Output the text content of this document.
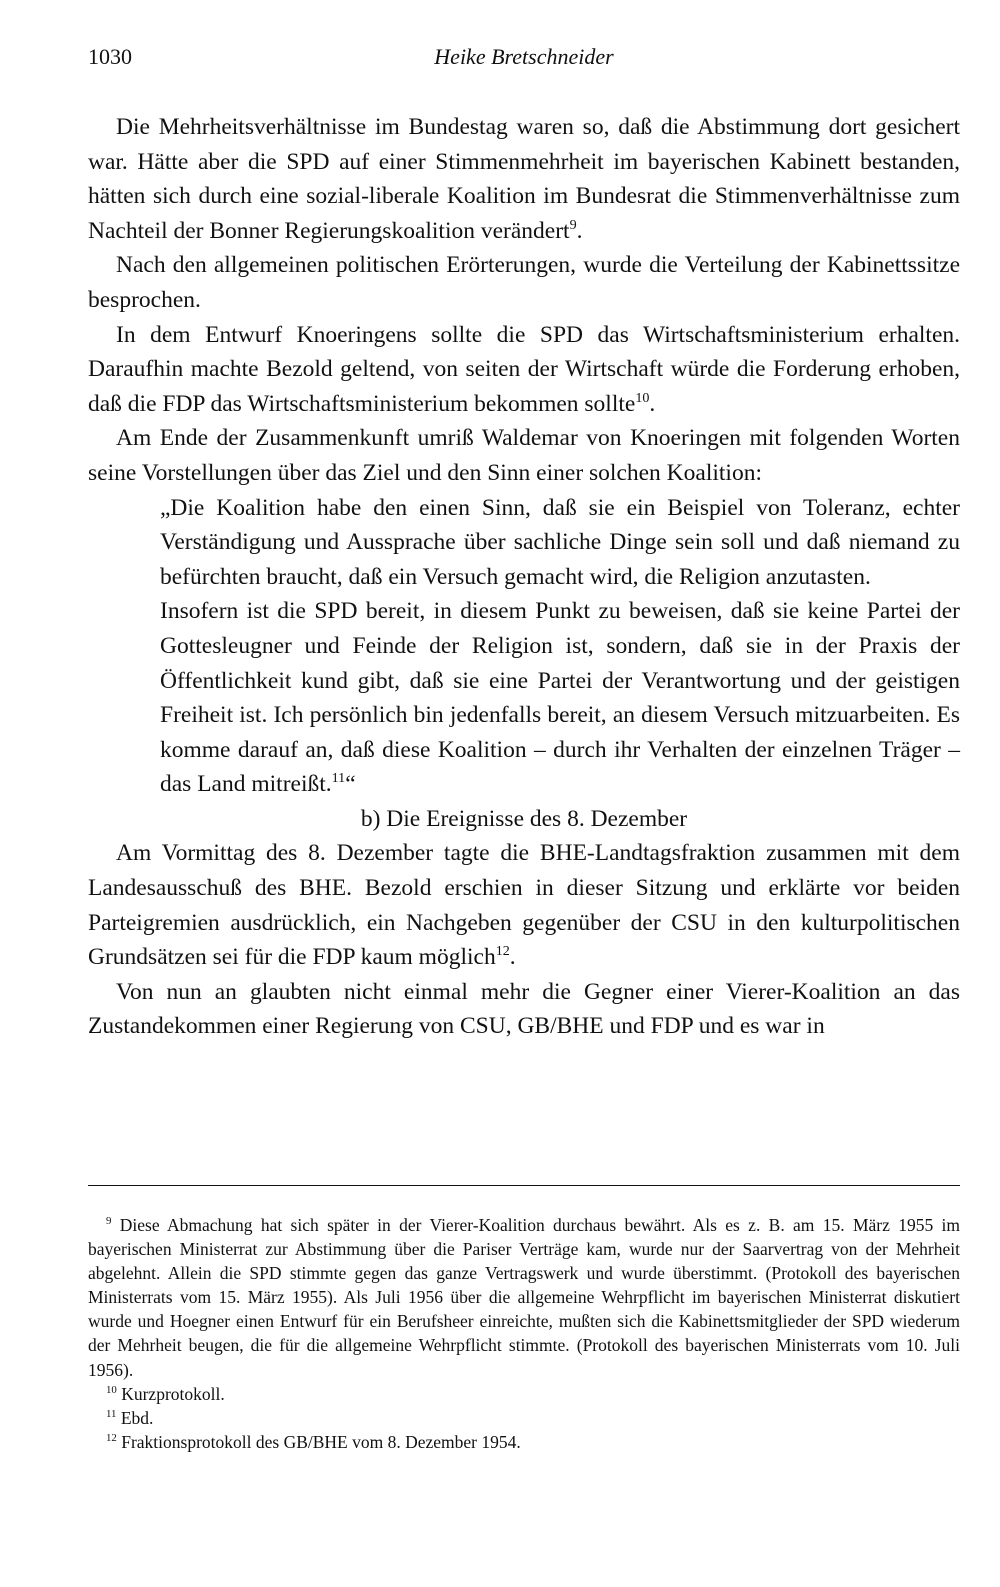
1030	Heike Bretschneider

Die Mehrheitsverhältnisse im Bundestag waren so, daß die Abstimmung dort gesichert war. Hätte aber die SPD auf einer Stimmenmehrheit im bayerischen Kabinett bestanden, hätten sich durch eine sozial-liberale Koalition im Bundesrat die Stimmenverhältnisse zum Nachteil der Bonner Regierungskoalition verändert$^9$.

Nach den allgemeinen politischen Erörterungen, wurde die Verteilung der Kabinettssitze besprochen.

In dem Entwurf Knoeringens sollte die SPD das Wirtschaftsministerium erhalten. Daraufhin machte Bezold geltend, von seiten der Wirtschaft würde die Forderung erhoben, daß die FDP das Wirtschaftsministerium bekommen sollte$^{10}$.

Am Ende der Zusammenkunft umriß Waldemar von Knoeringen mit folgenden Worten seine Vorstellungen über das Ziel und den Sinn einer solchen Koalition:

„Die Koalition habe den einen Sinn, daß sie ein Beispiel von Toleranz, echter Verständigung und Aussprache über sachliche Dinge sein soll und daß niemand zu befürchten braucht, daß ein Versuch gemacht wird, die Religion anzutasten.

Insofern ist die SPD bereit, in diesem Punkt zu beweisen, daß sie keine Partei der Gottesleugner und Feinde der Religion ist, sondern, daß sie in der Praxis der Öffentlichkeit kund gibt, daß sie eine Partei der Verantwortung und der geistigen Freiheit ist. Ich persönlich bin jedenfalls bereit, an diesem Versuch mitzuarbeiten. Es komme darauf an, daß diese Koalition – durch ihr Verhalten der einzelnen Träger – das Land mitreißt.$^{11}$“

b) Die Ereignisse des 8. Dezember

Am Vormittag des 8. Dezember tagte die BHE-Landtagsfraktion zusammen mit dem Landesausschuß des BHE. Bezold erschien in dieser Sitzung und erklärte vor beiden Parteigremien ausdrücklich, ein Nachgeben gegenüber der CSU in den kulturpolitischen Grundsätzen sei für die FDP kaum möglich$^{12}$.

Von nun an glaubten nicht einmal mehr die Gegner einer Vierer-Koalition an das Zustandekommen einer Regierung von CSU, GB/BHE und FDP und es war in

$^9$ Diese Abmachung hat sich später in der Vierer-Koalition durchaus bewährt. Als es z. B. am 15. März 1955 im bayerischen Ministerrat zur Abstimmung über die Pariser Verträge kam, wurde nur der Saarvertrag von der Mehrheit abgelehnt. Allein die SPD stimmte gegen das ganze Vertragswerk und wurde überstimmt. (Protokoll des bayerischen Ministerrats vom 15. März 1955). Als Juli 1956 über die allgemeine Wehrpflicht im bayerischen Ministerrat diskutiert wurde und Hoegner einen Entwurf für ein Berufsheer einreichte, mußten sich die Kabinettsmitglieder der SPD wiederum der Mehrheit beugen, die für die allgemeine Wehrpflicht stimmte. (Protokoll des bayerischen Ministerrats vom 10. Juli 1956).

$^{10}$ Kurzprotokoll.

$^{11}$ Ebd.

$^{12}$ Fraktionsprotokoll des GB/BHE vom 8. Dezember 1954.
